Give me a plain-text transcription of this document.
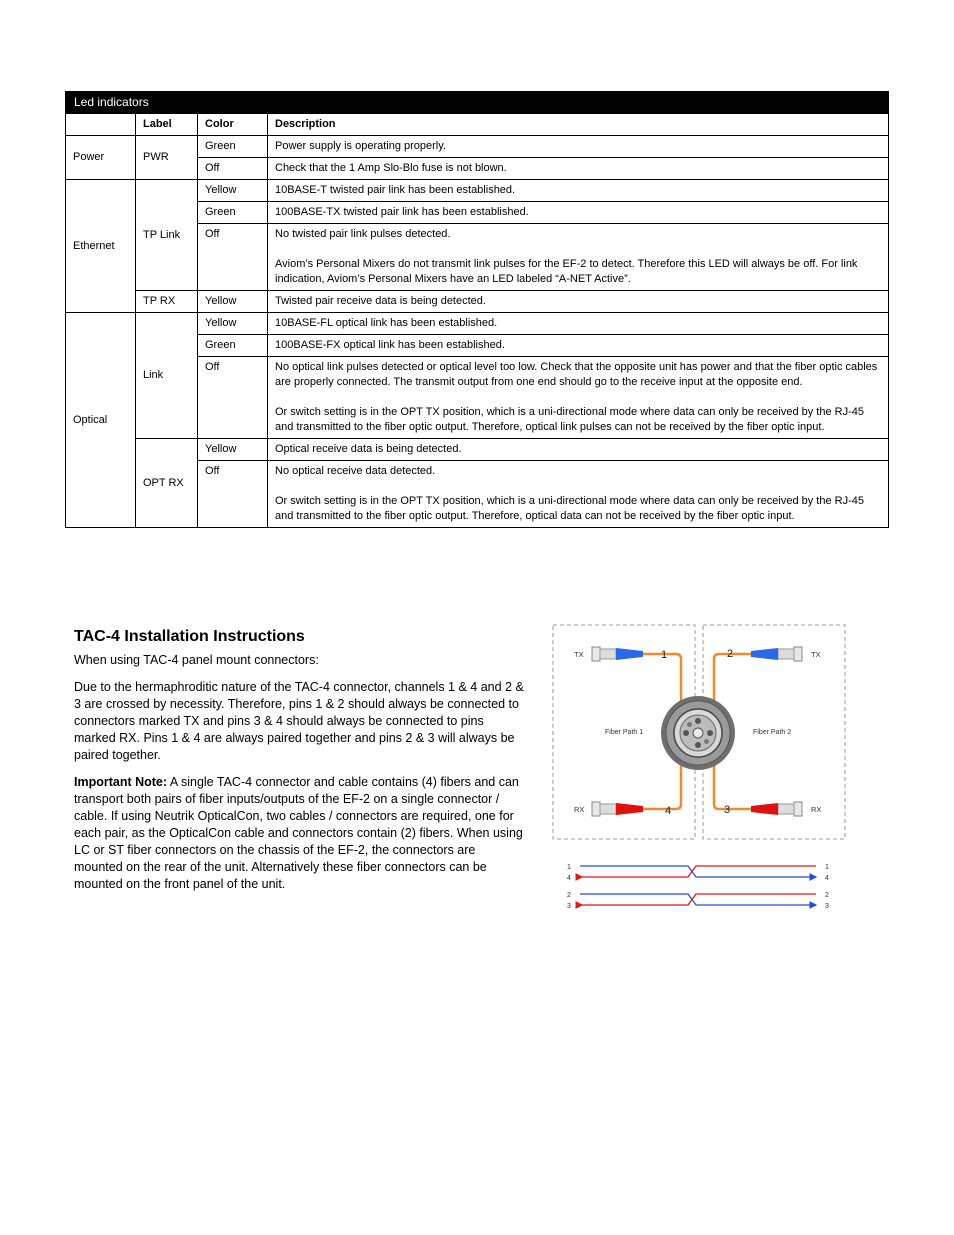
Led indicators			
	Label	Color	Description
Power	PWR	Green	Power supply is operating properly.
		Off	Check that the 1 Amp Slo-Blo fuse is not blown.
Ethernet	TP Link	Yellow	10BASE-T twisted pair link has been established.
		Green	100BASE-TX twisted pair link has been established.
		Off	No twisted pair link pulses detected.

Aviom’s Personal Mixers do not transmit link pulses for the EF-2 to detect. Therefore this LED will always be off. For link indication, Aviom’s Personal Mixers have an LED labeled “A-NET Active”.

	TP RX	Yellow	Twisted pair receive data is being detected.
Optical	Link	Yellow	10BASE-FL optical link has been established.
		Green	100BASE-FX optical link has been established.
		Off	No optical link pulses detected or optical level too low. Check that the opposite unit has power and that the fiber optic cables are properly connected. The transmit output from one end should go to the receive input at the opposite end.

Or switch setting is in the OPT TX position, which is a uni-directional mode where data can only be received by the RJ-45 and transmitted to the fiber optic output. Therefore, optical link pulses can not be received by the fiber optic input.

	OPT RX	Yellow	Optical receive data is being detected.
		Off	No optical receive data detected.

Or switch setting is in the OPT TX position, which is a uni-directional mode where data can only be received by the RJ-45 and transmitted to the fiber optic output. Therefore, optical data can not be received by the fiber optic input.

TAC-4 Installation Instructions

When using TAC-4 panel mount connectors:

Due to the hermaphroditic nature of the TAC-4 connector, channels 1 & 4 and 2 & 3 are crossed by necessity. Therefore, pins 1 & 2 should always be connected to connectors marked TX and pins 3 & 4 should always be connected to pins marked RX. Pins 1 & 4 are always paired together and pins 2 & 3 will always be paired together.

Important Note: A single TAC-4 connector and cable contains (4) fibers and can transport both pairs of fiber inputs/outputs of the EF-2 on a single connector / cable. If using Neutrik OpticalCon, two cables / connectors are required, one for each pair, as the OpticalCon cable and connectors contain (2) fibers. When using LC or ST fiber connectors on the chassis of the EF-2, the connectors are mounted on the rear of the unit. Alternatively these fiber connectors can be mounted on the front panel of the unit.

TX
RX
TX
RX
Fiber Path 1	Fiber Path 2
1	2
3
4
1
4
2
3
1
4
2
3
